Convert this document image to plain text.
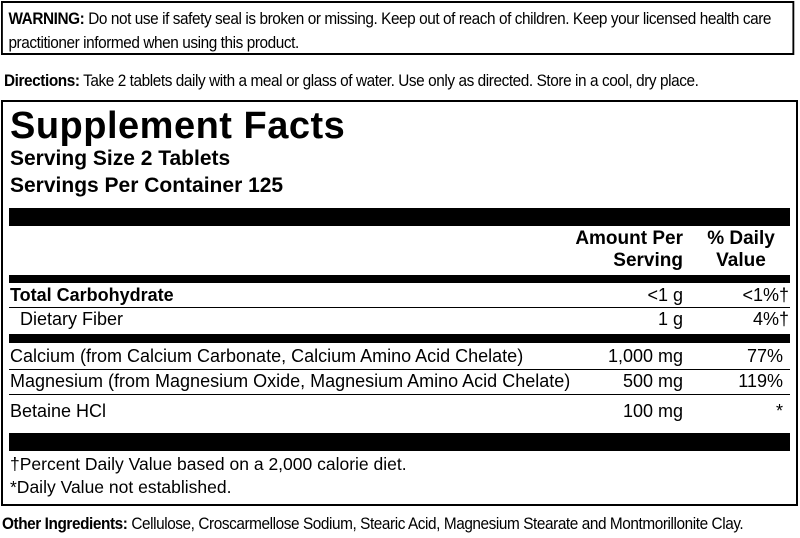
WARNING: Do not use if safety seal is broken or missing. Keep out of reach of children. Keep your licensed health care practitioner informed when using this product.
Directions: Take 2 tablets daily with a meal or glass of water. Use only as directed. Store in a cool, dry place.
Supplement Facts
Serving Size 2 Tablets
Servings Per Container 125
Amount Per
Serving
% Daily
Value
Total Carbohydrate	<1 g	<1%†
Dietary Fiber	1 g	4%†
Calcium (from Calcium Carbonate, Calcium Amino Acid Chelate)	1,000 mg	77%
Magnesium (from Magnesium Oxide, Magnesium Amino Acid Chelate)	500 mg	119%
Betaine HCl	100 mg	*
†Percent Daily Value based on a 2,000 calorie diet.
*Daily Value not established.
Other Ingredients: Cellulose, Croscarmellose Sodium, Stearic Acid, Magnesium Stearate and Montmorillonite Clay.
